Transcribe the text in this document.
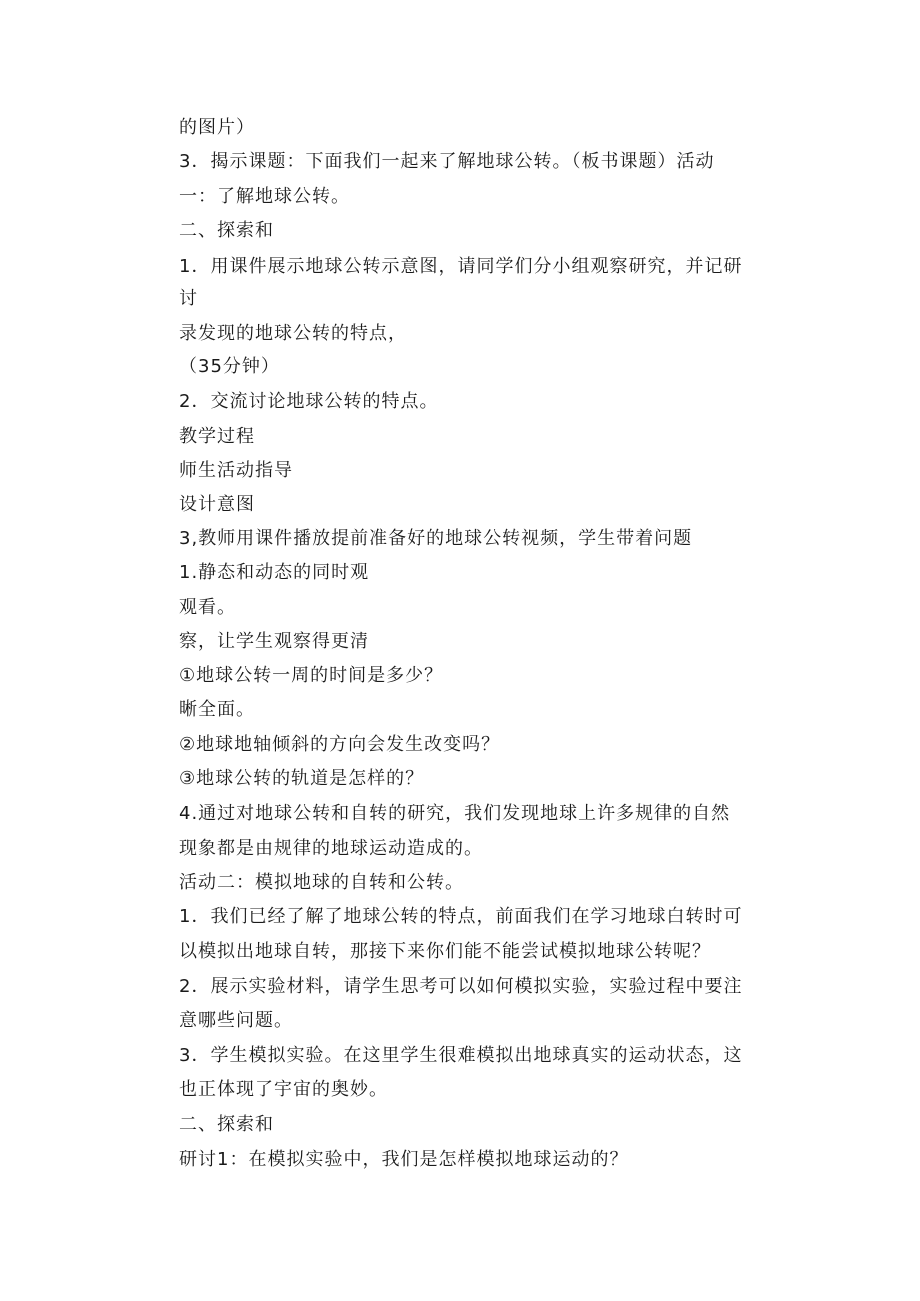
的图片）
3．揭示课题：下面我们一起来了解地球公转。（板书课题）活动
一：了解地球公转。
二、探索和
1．用课件展示地球公转示意图，请同学们分小组观察研究，并记研
讨
录发现的地球公转的特点，
（35分钟）
2．交流讨论地球公转的特点。
教学过程
师生活动指导
设计意图
3,教师用课件播放提前准备好的地球公转视频，学生带着问题
1.静态和动态的同时观
观看。
察，让学生观察得更清
①地球公转一周的时间是多少？
晰全面。
②地球地轴倾斜的方向会发生改变吗？
③地球公转的轨道是怎样的？
4.通过对地球公转和自转的研究，我们发现地球上许多规律的自然
现象都是由规律的地球运动造成的。
活动二：模拟地球的自转和公转。
1．我们已经了解了地球公转的特点，前面我们在学习地球白转时可
以模拟出地球自转，那接下来你们能不能尝试模拟地球公转呢？
2．展示实验材料，请学生思考可以如何模拟实验，实验过程中要注
意哪些问题。
3．学生模拟实验。在这里学生很难模拟出地球真实的运动状态，这
也正体现了宇宙的奥妙。
二、探索和
研讨1：在模拟实验中，我们是怎样模拟地球运动的？
